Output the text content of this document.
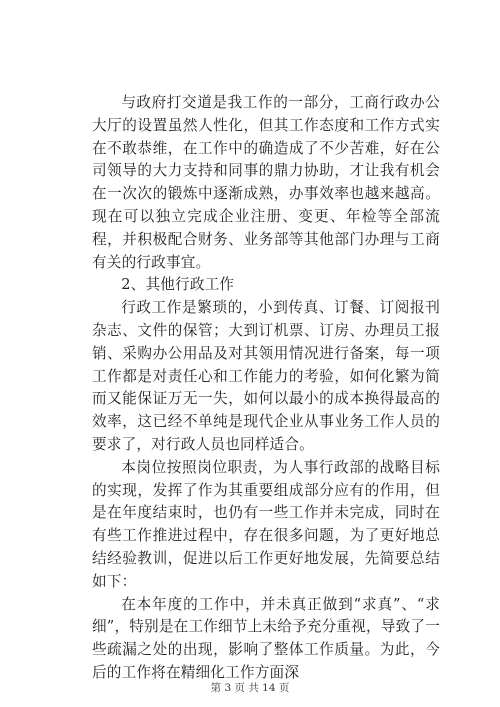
与政府打交道是我工作的一部分，工商行政办公大厅的设置虽然人性化，但其工作态度和工作方式实在不敢恭维，在工作中的确造成了不少苦难，好在公司领导的大力支持和同事的鼎力协助，才让我有机会在一次次的锻炼中逐渐成熟，办事效率也越来越高。现在可以独立完成企业注册、变更、年检等全部流程，并积极配合财务、业务部等其他部门办理与工商有关的行政事宜。

2、其他行政工作

行政工作是繁琐的，小到传真、订餐、订阅报刊杂志、文件的保管；大到订机票、订房、办理员工报销、采购办公用品及对其领用情况进行备案，每一项工作都是对责任心和工作能力的考验，如何化繁为简而又能保证万无一失，如何以最小的成本换得最高的效率，这已经不单纯是现代企业从事业务工作人员的要求了，对行政人员也同样适合。

本岗位按照岗位职责，为人事行政部的战略目标的实现，发挥了作为其重要组成部分应有的作用，但是在年度结束时，也仍有一些工作并未完成，同时在有些工作推进过程中，存在很多问题，为了更好地总结经验教训，促进以后工作更好地发展，先简要总结如下：

在本年度的工作中，并未真正做到“求真”、“求细”，特别是在工作细节上未给予充分重视，导致了一些疏漏之处的出现，影响了整体工作质量。为此，今后的工作将在精细化工作方面深

第 3 页 共 14 页
